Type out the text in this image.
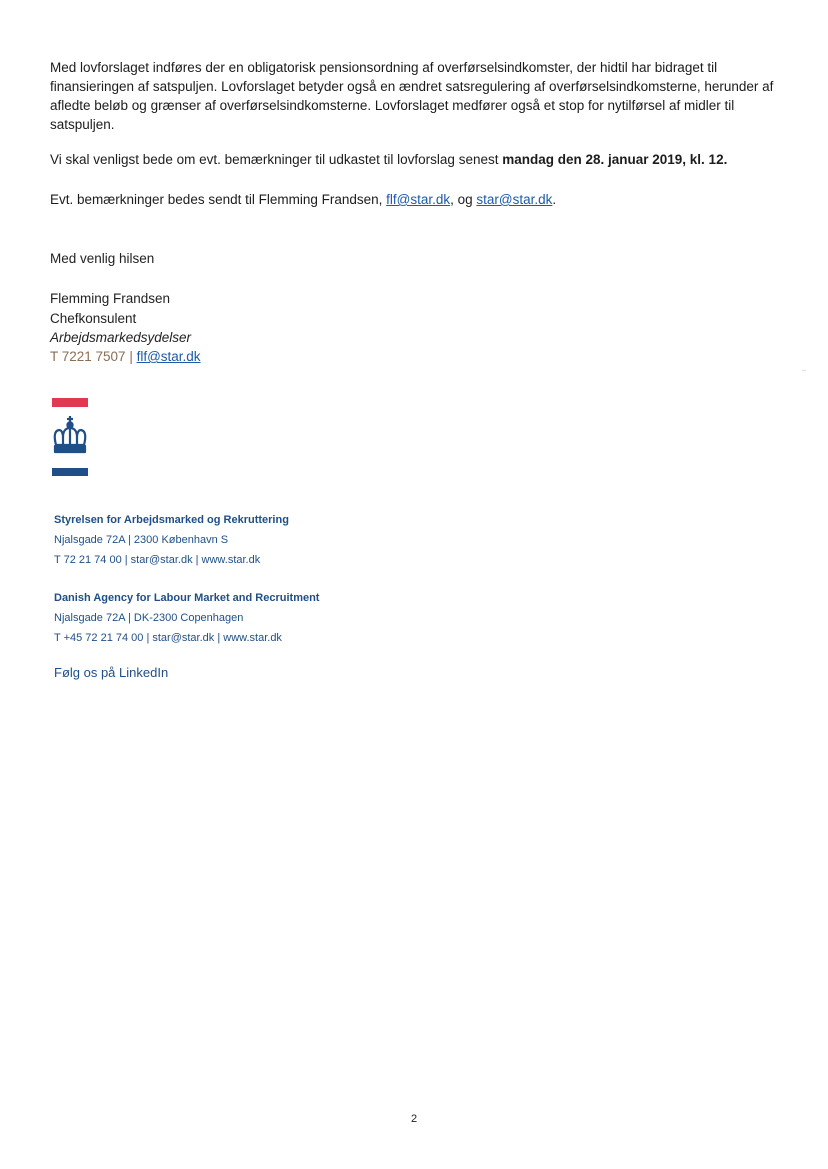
Med lovforslaget indføres der en obligatorisk pensionsordning af overførselsindkomster, der hidtil har bidraget til finansieringen af satspuljen. Lovforslaget betyder også en ændret satsregulering af overførselsindkomsterne, herunder af afledte beløb og grænser af overførselsindkomsterne. Lovforslaget medfører også et stop for nytilførsel af midler til satspuljen.
Vi skal venligst bede om evt. bemærkninger til udkastet til lovforslag senest mandag den 28. januar 2019, kl. 12.
Evt. bemærkninger bedes sendt til Flemming Frandsen, flf@star.dk, og star@star.dk.
Med venlig hilsen
Flemming Frandsen
Chefkonsulent
Arbejdsmarkedsydelser
T 7221 7507 | flf@star.dk
Styrelsen for Arbejdsmarked og Rekruttering
Njalsgade 72A | 2300 København S
T 72 21 74 00 | star@star.dk | www.star.dk
Danish Agency for Labour Market and Recruitment
Njalsgade 72A | DK-2300 Copenhagen
T +45 72 21 74 00 | star@star.dk | www.star.dk
Følg os på LinkedIn
2
